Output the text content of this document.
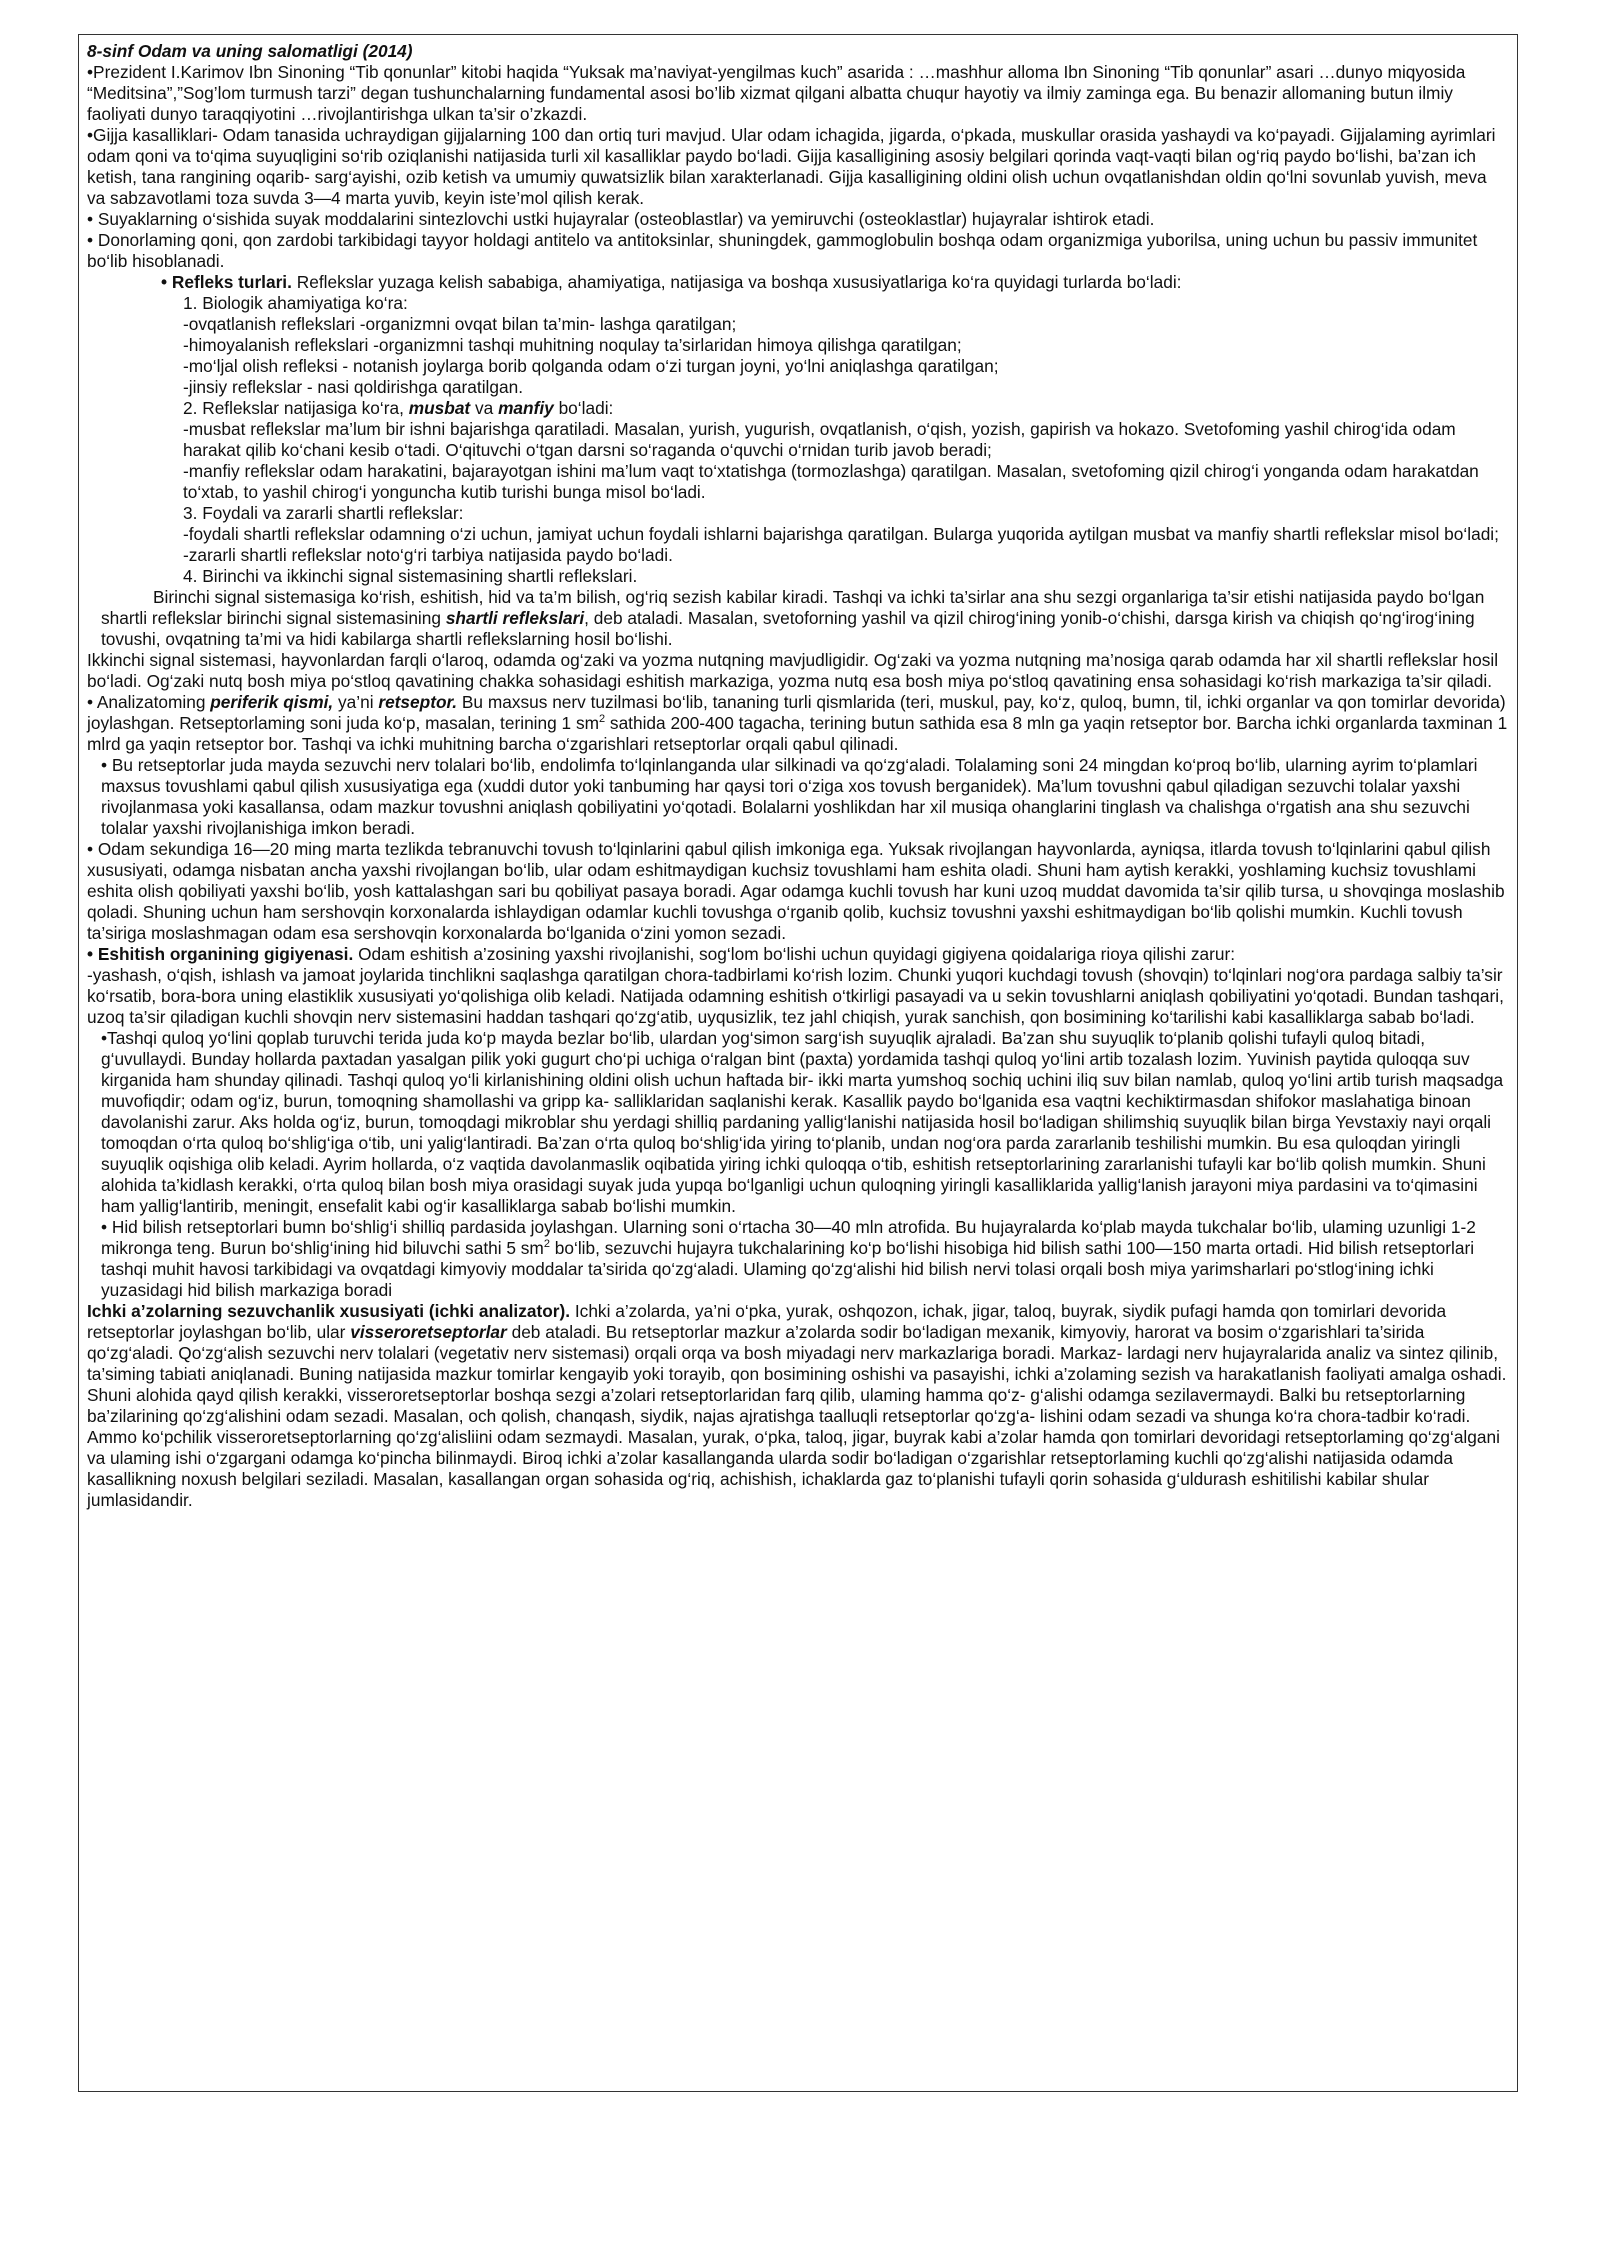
8-sinf Odam va uning salomatligi (2014)

•Prezident I.Karimov Ibn Sinoning “Tib qonunlar” kitobi haqida “Yuksak ma’naviyat-yengilmas kuch” asarida : …mashhur alloma Ibn Sinoning “Tib qonunlar” asari …dunyo miqyosida “Meditsina”,”Sog’lom turmush tarzi” degan tushunchalarning fundamental asosi bo’lib xizmat qilgani albatta chuqur hayotiy va ilmiy zaminga ega. Bu benazir allomaning butun ilmiy faoliyati dunyo taraqqiyotini …rivojlantirishga ulkan ta’sir o’zkazdi.

•Gijja kasalliklari- Odam tanasida uchraydigan gijjalarning 100 dan ortiq turi mavjud. Ular odam ichagida, jigarda, o‘pkada, muskullar orasida yashaydi va ko‘payadi. Gijjalaming ayrimlari odam qoni va to‘qima suyuqligini so‘rib oziqlanishi natijasida turli xil kasalliklar paydo bo‘ladi. Gijja kasalligining asosiy belgilari qorinda vaqt-vaqti bilan og‘riq paydo bo‘lishi, ba’zan ich ketish, tana rangining oqarib- sarg‘ayishi, ozib ketish va umumiy quwatsizlik bilan xarakterlanadi. Gijja kasalligining oldini olish uchun ovqatlanishdan oldin qo‘lni sovunlab yuvish, meva va sabzavotlami toza suvda 3—4 marta yuvib, keyin iste’mol qilish kerak.

• Suyaklarning o‘sishida suyak moddalarini sintezlovchi ustki hujayralar (osteoblastlar) va yemiruvchi (osteoklastlar) hujayralar ishtirok etadi.

• Donorlaming qoni, qon zardobi tarkibidagi tayyor holdagi antitelo va antitoksinlar, shuningdek, gammoglobulin boshqa odam organizmiga yuborilsa, uning uchun bu passiv immunitet bo‘lib hisoblanadi.

• Refleks turlari. Reflekslar yuzaga kelish sababiga, ahamiyatiga, natijasiga va boshqa xususiyatlariga ko‘ra quyidagi turlarda bo‘ladi:

1. Biologik ahamiyatiga ko‘ra:

-ovqatlanish reflekslari -organizmni ovqat bilan ta’min- lashga qaratilgan;

-himoyalanish reflekslari -organizmni tashqi muhitning noqulay ta’sirlaridan himoya qilishga qaratilgan;

-mo‘ljal olish refleksi - notanish joylarga borib qolganda odam o‘zi turgan joyni, yo‘lni aniqlashga qaratilgan;

-jinsiy reflekslar - nasi qoldirishga qaratilgan.

2. Reflekslar natijasiga ko‘ra, musbat va manfiy bo‘ladi:

-musbat reflekslar ma’lum bir ishni bajarishga qaratiladi. Masalan, yurish, yugurish, ovqatlanish, o‘qish, yozish, gapirish va hokazo. Svetofoming yashil chirog‘ida odam harakat qilib ko‘chani kesib o‘tadi. O‘qituvchi o‘tgan darsni so‘raganda o‘quvchi o‘rnidan turib javob beradi;

-manfiy reflekslar odam harakatini, bajarayotgan ishini ma’lum vaqt to‘xtatishga (tormozlashga) qaratilgan. Masalan, svetofoming qizil chirog‘i yonganda odam harakatdan to‘xtab, to yashil chirog‘i yonguncha kutib turishi bunga misol bo‘ladi.

3. Foydali va zararli shartli reflekslar:

-foydali shartli reflekslar odamning o‘zi uchun, jamiyat uchun foydali ishlarni bajarishga qaratilgan. Bularga yuqorida aytilgan musbat va manfiy shartli reflekslar misol bo‘ladi;

-zararli shartli reflekslar noto‘g‘ri tarbiya natijasida paydo bo‘ladi.

4. Birinchi va ikkinchi signal sistemasining shartli reflekslari.

Birinchi signal sistemasiga ko‘rish, eshitish, hid va ta’m bilish, og‘riq sezish kabilar kiradi. Tashqi va ichki ta’sirlar ana shu sezgi organlariga ta’sir etishi natijasida paydo bo‘lgan shartli reflekslar birinchi signal sistemasining shartli reflekslari, deb ataladi. Masalan, svetoforning yashil va qizil chirog‘ining yonib-o‘chishi, darsga kirish va chiqish qo‘ng‘irog‘ining tovushi, ovqatning ta’mi va hidi kabilarga shartli reflekslarning hosil bo‘lishi.

Ikkinchi signal sistemasi, hayvonlardan farqli o‘laroq, odamda og‘zaki va yozma nutqning mavjudligidir. Og‘zaki va yozma nutqning ma’nosiga qarab odamda har xil shartli reflekslar hosil bo‘ladi. Og‘zaki nutq bosh miya po‘stloq qavatining chakka sohasidagi eshitish markaziga, yozma nutq esa bosh miya po‘stloq qavatining ensa sohasidagi ko‘rish markaziga ta’sir qiladi.

• Analizatoming periferik qismi, ya’ni retseptor. Bu maxsus nerv tuzilmasi bo‘lib, tananing turli qismlarida (teri, muskul, pay, ko‘z, quloq, bumn, til, ichki organlar va qon tomirlar devorida) joylashgan. Retseptorlaming soni juda ko‘p, masalan, terining 1 $sm^2$ sathida 200-400 tagacha, terining butun sathida esa 8 mln ga yaqin retseptor bor. Barcha ichki organlarda taxminan 1 mlrd ga yaqin retseptor bor. Tashqi va ichki muhitning barcha o‘zgarishlari retseptorlar orqali qabul qilinadi.

• Bu retseptorlar juda mayda sezuvchi nerv tolalari bo‘lib, endolimfa to‘lqinlanganda ular silkinadi va qo‘zg‘aladi. Tolalaming soni 24 mingdan ko‘proq bo‘lib, ularning ayrim to‘plamlari maxsus tovushlami qabul qilish xususiyatiga ega (xuddi dutor yoki tanbuming har qaysi tori o‘ziga xos tovush berganidek). Ma’lum tovushni qabul qiladigan sezuvchi tolalar yaxshi rivojlanmasa yoki kasallansa, odam mazkur tovushni aniqlash qobiliyatini yo‘qotadi. Bolalarni yoshlikdan har xil musiqa ohanglarini tinglash va chalishga o‘rgatish ana shu sezuvchi tolalar yaxshi rivojlanishiga imkon beradi.

• Odam sekundiga 16—20 ming marta tezlikda tebranuvchi tovush to‘lqinlarini qabul qilish imkoniga ega. Yuksak rivojlangan hayvonlarda, ayniqsa, itlarda tovush to‘lqinlarini qabul qilish xususiyati, odamga nisbatan ancha yaxshi rivojlangan bo‘lib, ular odam eshitmaydigan kuchsiz tovushlami ham eshita oladi. Shuni ham aytish kerakki, yoshlaming kuchsiz tovushlami eshita olish qobiliyati yaxshi bo‘lib, yosh kattalashgan sari bu qobiliyat pasaya boradi. Agar odamga kuchli tovush har kuni uzoq muddat davomida ta’sir qilib tursa, u shovqinga moslashib qoladi. Shuning uchun ham sershovqin korxonalarda ishlaydigan odamlar kuchli tovushga o‘rganib qolib, kuchsiz tovushni yaxshi eshitmaydigan bo‘lib qolishi mumkin. Kuchli tovush ta’siriga moslashmagan odam esa sershovqin korxonalarda bo‘lganida o‘zini yomon sezadi.

• Eshitish organining gigiyenasi. Odam eshitish a’zosining yaxshi rivojlanishi, sog‘lom bo‘lishi uchun quyidagi gigiyena qoidalariga rioya qilishi zarur:

-yashash, o‘qish, ishlash va jamoat joylarida tinchlikni saqlashga qaratilgan chora-tadbirlami ko‘rish lozim. Chunki yuqori kuchdagi tovush (shovqin) to‘lqinlari nog‘ora pardaga salbiy ta’sir ko‘rsatib, bora-bora uning elastiklik xususiyati yo‘qolishiga olib keladi. Natijada odamning eshitish o‘tkirligi pasayadi va u sekin tovushlarni aniqlash qobiliyatini yo‘qotadi. Bundan tashqari, uzoq ta’sir qiladigan kuchli shovqin nerv sistemasini haddan tashqari qo‘zg‘atib, uyqusizlik, tez jahl chiqish, yurak sanchish, qon bosimining ko‘tarilishi kabi kasalliklarga sabab bo‘ladi.

•Tashqi quloq yo‘lini qoplab turuvchi terida juda ko‘p mayda bezlar bo‘lib, ulardan yog‘simon sarg‘ish suyuqlik ajraladi. Ba’zan shu suyuqlik to‘planib qolishi tufayli quloq bitadi, g‘uvullaydi. Bunday hollarda paxtadan yasalgan pilik yoki gugurt cho‘pi uchiga o‘ralgan bint (paxta) yordamida tashqi quloq yo‘lini artib tozalash lozim. Yuvinish paytida quloqqa suv kirganida ham shunday qilinadi. Tashqi quloq yo‘li kirlanishining oldini olish uchun haftada bir- ikki marta yumshoq sochiq uchini iliq suv bilan namlab, quloq yo‘lini artib turish maqsadga muvofiqdir; odam og‘iz, burun, tomoqning shamollashi va gripp ka- salliklaridan saqlanishi kerak. Kasallik paydo bo‘lganida esa vaqtni kechiktirmasdan shifokor maslahatiga binoan davolanishi zarur. Aks holda og‘iz, burun, tomoqdagi mikroblar shu yerdagi shilliq pardaning yallig‘lanishi natijasida hosil bo‘ladigan shilimshiq suyuqlik bilan birga Yevstaxiy nayi orqali tomoqdan o‘rta quloq bo‘shlig‘iga o‘tib, uni yalig‘lantiradi. Ba’zan o‘rta quloq bo‘shlig‘ida yiring to‘planib, undan nog‘ora parda zararlanib teshilishi mumkin. Bu esa quloqdan yiringli suyuqlik oqishiga olib keladi. Ayrim hollarda, o‘z vaqtida davolanmaslik oqibatida yiring ichki quloqqa o‘tib, eshitish retseptorlarining zararlanishi tufayli kar bo‘lib qolish mumkin. Shuni alohida ta’kidlash kerakki, o‘rta quloq bilan bosh miya orasidagi suyak juda yupqa bo‘lganligi uchun quloqning yiringli kasalliklarida yallig‘lanish jarayoni miya pardasini va to‘qimasini ham yallig‘lantirib, meningit, ensefalit kabi og‘ir kasalliklarga sabab bo‘lishi mumkin.

• Hid bilish retseptorlari bumn bo‘shlig‘i shilliq pardasida joylashgan. Ularning soni o‘rtacha 30—40 mln atrofida. Bu hujayralarda ko‘plab mayda tukchalar bo‘lib, ulaming uzunligi 1-2 mikronga teng. Burun bo‘shlig‘ining hid biluvchi sathi 5 $sm^2$ bo‘lib, sezuvchi hujayra tukchalarining ko‘p bo‘lishi hisobiga hid bilish sathi 100—150 marta ortadi. Hid bilish retseptorlari tashqi muhit havosi tarkibidagi va ovqatdagi kimyoviy moddalar ta’sirida qo‘zg‘aladi. Ulaming qo‘zg‘alishi hid bilish nervi tolasi orqali bosh miya yarimsharlari po‘stlog‘ining ichki yuzasidagi hid bilish markaziga boradi

Ichki a’zolarning sezuvchanlik xususiyati (ichki analizator). Ichki a’zolarda, ya’ni o‘pka, yurak, oshqozon, ichak, jigar, taloq, buyrak, siydik pufagi hamda qon tomirlari devorida retseptorlar joylashgan bo‘lib, ular visseroretseptorlar deb ataladi. Bu retseptorlar mazkur a’zolarda sodir bo‘ladigan mexanik, kimyoviy, harorat va bosim o‘zgarishlari ta’sirida qo‘zg‘aladi. Qo‘zg‘alish sezuvchi nerv tolalari (vegetativ nerv sistemasi) orqali orqa va bosh miyadagi nerv markazlariga boradi. Markaz- lardagi nerv hujayralarida analiz va sintez qilinib, ta’siming tabiati aniqlanadi. Buning natijasida mazkur tomirlar kengayib yoki torayib, qon bosimining oshishi va pasayishi, ichki a’zolaming sezish va harakatlanish faoliyati amalga oshadi. Shuni alohida qayd qilish kerakki, visseroretseptorlar boshqa sezgi a’zolari retseptorlaridan farq qilib, ulaming hamma qo‘z- g‘alishi odamga sezilavermaydi. Balki bu retseptorlarning ba’zilarining qo‘zg‘alishini odam sezadi. Masalan, och qolish, chanqash, siydik, najas ajratishga taalluqli retseptorlar qo‘zg‘a- lishini odam sezadi va shunga ko‘ra chora-tadbir ko‘radi. Ammo ko‘pchilik visseroretseptorlarning qo‘zg‘alisliini odam sezmaydi. Masalan, yurak, o‘pka, taloq, jigar, buyrak kabi a’zolar hamda qon tomirlari devoridagi retseptorlaming qo‘zg‘algani va ulaming ishi o‘zgargani odamga ko‘pincha bilinmaydi. Biroq ichki a’zolar kasallanganda ularda sodir bo‘ladigan o‘zgarishlar retseptorlaming kuchli qo‘zg‘alishi natijasida odamda kasallikning noxush belgilari seziladi. Masalan, kasallangan organ sohasida og‘riq, achishish, ichaklarda gaz to‘planishi tufayli qorin sohasida g‘uldurash eshitilishi kabilar shular jumlasidandir.
